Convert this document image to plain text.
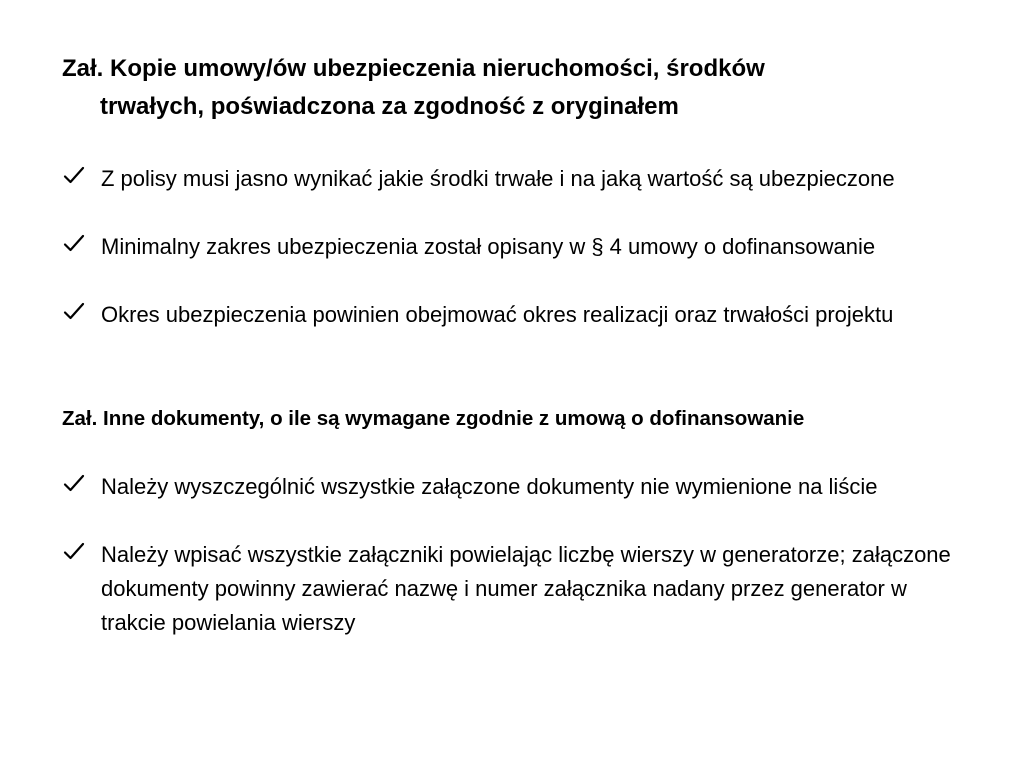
Zał. Kopie umowy/ów ubezpieczenia nieruchomości, środków
trwałych, poświadczona za zgodność z oryginałem
Z polisy musi jasno wynikać jakie środki trwałe i na jaką wartość są ubezpieczone
Minimalny zakres ubezpieczenia został opisany w § 4 umowy o dofinansowanie
Okres ubezpieczenia powinien obejmować okres realizacji oraz trwałości projektu
Zał. Inne dokumenty, o ile są wymagane zgodnie z umową o dofinansowanie
Należy wyszczególnić wszystkie załączone dokumenty nie wymienione na liście
Należy wpisać wszystkie załączniki powielając liczbę wierszy w generatorze; załączone dokumenty powinny zawierać nazwę i numer załącznika nadany przez generator w trakcie powielania wierszy
